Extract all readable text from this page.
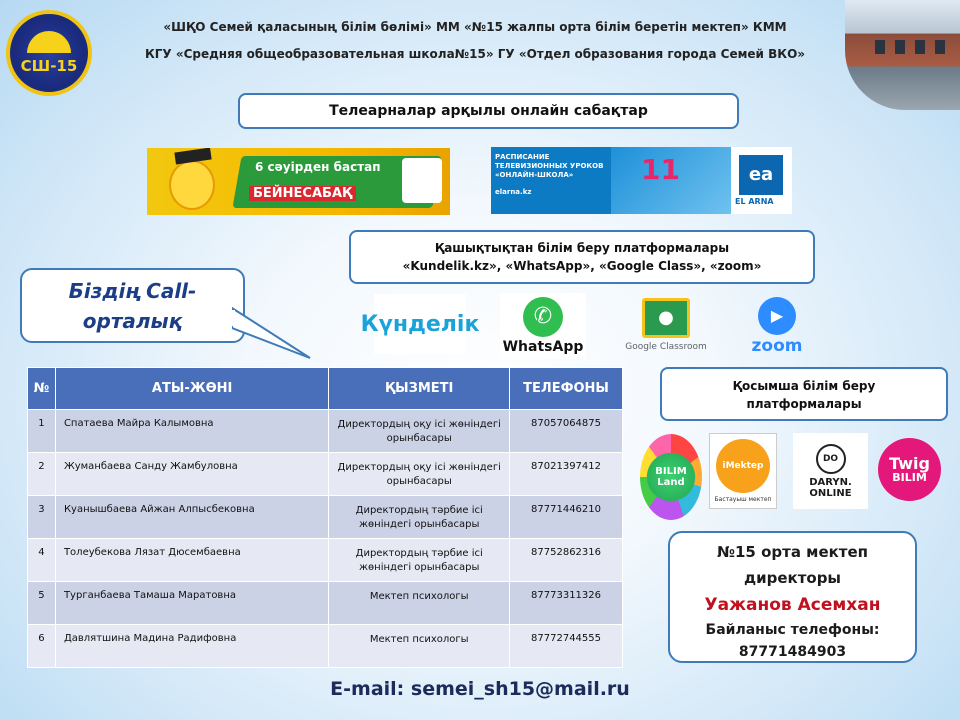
СШ-15
«ШҚО Семей қаласының білім бөлімі» ММ «№15 жалпы орта білім беретін мектеп» КММ
КГУ «Средняя общеобразовательная школа№15» ГУ «Отдел образования города Семей ВКО»
Телеарналар арқылы онлайн сабақтар
6 сәуірден бастап
БЕЙНЕСАБАҚ
РАСПИСАНИЕ ТЕЛЕВИЗИОННЫХ УРОКОВ «ОНЛАЙН-ШКОЛА»
elarna.kz
11	ea
EL ARNA
Қашықтықтан білім беру платформалары
«Kundelik.kz», «WhatsApp», «Google Class», «zoom»
Біздің Call-
орталық	Күнделік	✆
WhatsApp
●
Google Classroom
▶
zoom
Қосымша білім беру
платформалары
BILIM Land
iMektep
Бастауыш мектеп
DO
DARYN. ONLINE
Twig
BILIM
№	АТЫ-ЖӨНІ	ҚЫЗМЕТІ	ТЕЛЕФОНЫ
1	Спатаева Майра Калымовна	Директордың оқу ісі жөніндегі орынбасары	87057064875
2	Жуманбаева Санду Жамбуловна	Директордың оқу ісі жөніндегі орынбасары	87021397412
3	Куанышбаева Айжан Алпысбековна	Директордың тәрбие ісі жөніндегі орынбасары	87771446210
4	Толеубекова Лязат Дюсембаевна	Директордың тәрбие ісі жөніндегі орынбасары	87752862316
5	Турганбаева Тамаша Маратовна	Мектеп психологы	87773311326
6	Давлятшина Мадина Радифовна	Мектеп психологы	87772744555
№15 орта мектеп
директоры
Уажанов Асемхан
Байланыс телефоны:
87771484903
E-mail: semei_sh15@mail.ru
